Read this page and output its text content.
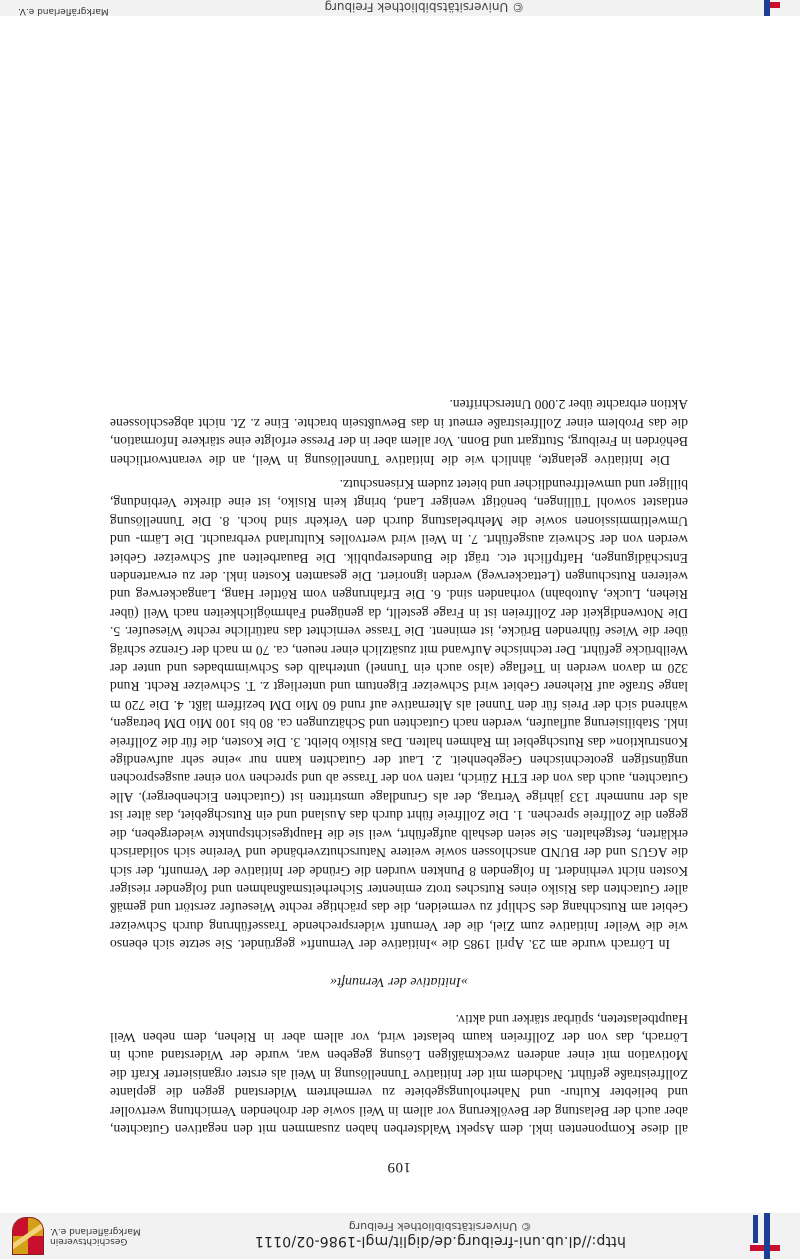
http://dl.ub.uni-freiburg.de/diglit/mgl-1986-02/0111
© Universitätsbibliothek Freiburg
Geschichtsverein
Markgräflerland e.V.
109

all diese Komponenten inkl. dem Aspekt Waldsterben haben zusammen mit den negativen Gutachten, aber auch der Belastung der Bevölkerung vor allem in Weil sowie der drohenden Vernichtung wertvoller und beliebter Kultur- und Naherholungsgebiete zu vermehrtem Widerstand gegen die geplante Zollfreistraße geführt. Nachdem mit der Initiative Tunnellösung in Weil als erster organisierter Kraft die Motivation mit einer anderen zweckmäßigen Lösung gegeben war, wurde der Widerstand auch in Lörrach, das von der Zollfreien kaum belastet wird, vor allem aber in Riehen, dem neben Weil Hauptbelasteten, spürbar stärker und aktiv.

»Initiative der Vernunft«

In Lörrach wurde am 23. April 1985 die »Initiative der Vernunft« gegründet. Sie setzte sich ebenso wie die Weiler Initiative zum Ziel, die der Vernunft widersprechende Trasseführung durch Schweizer Gebiet am Rutschhang des Schlipf zu vermeiden, die das prächtige rechte Wieseufer zerstört und gemäß aller Gutachten das Risiko eines Rutsches trotz eminenter Sicherheitsmaßnahmen und folgender riesiger Kosten nicht verhindert. In folgenden 8 Punkten wurden die Gründe der Initiative der Vernunft, der sich die AGUS und der BUND anschlossen sowie weitere Naturschutzverbände und Vereine sich solidarisch erklärten, festgehalten. Sie seien deshalb aufgeführt, weil sie die Hauptgesichtspunkte wiedergeben, die gegen die Zollfreie sprechen. 1. Die Zollfreie führt durch das Ausland und ein Rutschgebiet, das älter ist als der nunmehr 133 jährige Vertrag, der als Grundlage umstritten ist (Gutachten Eichenberger). Alle Gutachten, auch das von der ETH Zürich, raten von der Trasse ab und sprechen von einer ausgesprochen ungünstigen geotechnischen Gegebenheit. 2. Laut der Gutachten kann nur »eine sehr aufwendige Konstruktion« das Rutschgebiet im Rahmen halten. Das Risiko bleibt. 3. Die Kosten, die für die Zollfreie inkl. Stabilisierung auflaufen, werden nach Gutachten und Schätzungen ca. 80 bis 100 Mio DM betragen, während sich der Preis für den Tunnel als Alternative auf rund 60 Mio DM beziffern läßt. 4. Die 720 m lange Straße auf Riehener Gebiet wird Schweizer Eigentum und unterliegt z. T. Schweizer Recht. Rund 320 m davon werden in Tieflage (also auch ein Tunnel) unterhalb des Schwimmbades und unter der Weilbrücke geführt. Der technische Aufwand mit zusätzlich einer neuen, ca. 70 m nach der Grenze schräg über die Wiese führenden Brücke, ist eminent. Die Trasse vernichtet das natürliche rechte Wieseufer. 5. Die Notwendigkeit der Zollfreien ist in Frage gestellt, da genügend Fahrmöglichkeiten nach Weil (über Riehen, Lucke, Autobahn) vorhanden sind. 6. Die Erfahrungen vom Röttler Hang, Langackerweg und weiteren Rutschungen (Lettackerweg) werden ignoriert. Die gesamten Kosten inkl. der zu erwartenden Entschädigungen, Haftpflicht etc. trägt die Bundesrepublik. Die Bauarbeiten auf Schweizer Gebiet werden von der Schweiz ausgeführt. 7. In Weil wird wertvolles Kulturland verbraucht. Die Lärm- und Umweltimmissionen sowie die Mehrbelastung durch den Verkehr sind hoch. 8. Die Tunnellösung entlastet sowohl Tüllingen, benötigt weniger Land, bringt kein Risiko, ist eine direkte Verbindung, billiger und umweltfreundlicher und bietet zudem Krisenschutz.

Die Initiative gelangte, ähnlich wie die Initiative Tunnellösung in Weil, an die verantwortlichen Behörden in Freiburg, Stuttgart und Bonn. Vor allem aber in der Presse erfolgte eine stärkere Information, die das Problem einer Zollfreistraße erneut in das Bewußtsein brachte. Eine z. Zt. nicht abgeschlossene Aktion erbrachte über 2.000 Unterschriften.

© Universitätsbibliothek Freiburg
Markgräflerland e.V.
